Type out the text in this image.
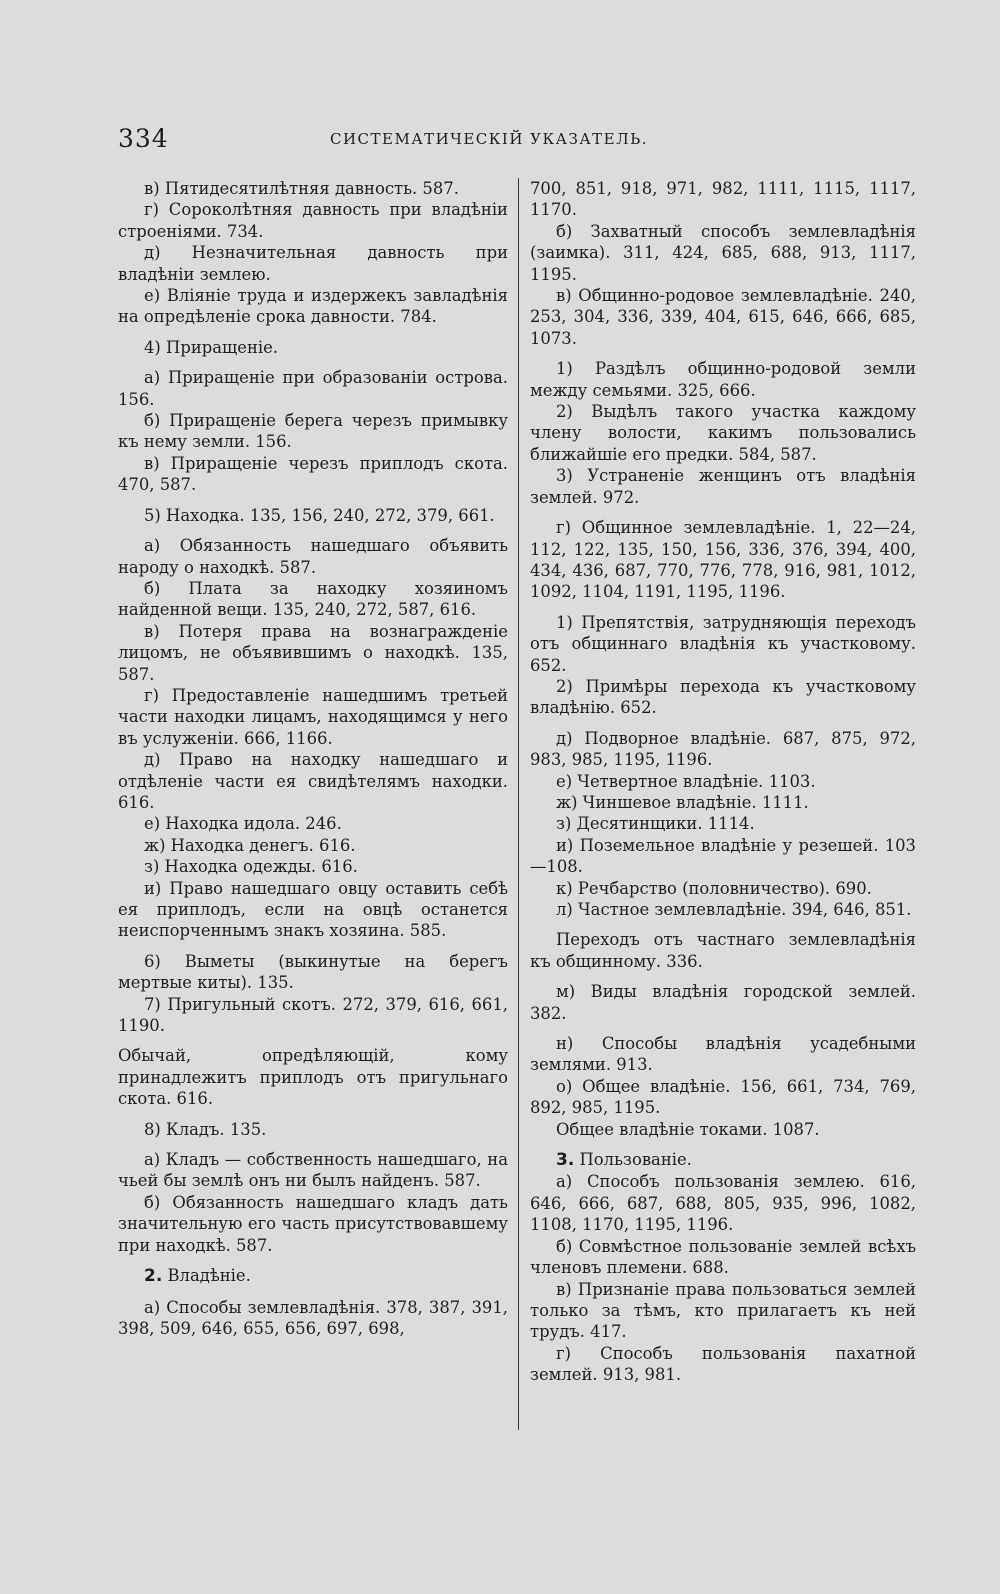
334	СИСТЕМАТИЧЕСКІЙ УКАЗАТЕЛЬ.

в) Пятидесятилѣтняя давность. 587.

г) Сороколѣтняя давность при владѣніи строеніями. 734.

д) Незначительная давность при владѣніи землею.

е) Вліяніе труда и издержекъ завладѣнія на опредѣленіе срока давности. 784.

4) Приращеніе.

а) Приращеніе при образованіи острова. 156.

б) Приращеніе берега черезъ примывку къ нему земли. 156.

в) Приращеніе черезъ приплодъ скота. 470, 587.

5) Находка. 135, 156, 240, 272, 379, 661.

а) Обязанность нашедшаго объявить народу о находкѣ. 587.

б) Плата за находку хозяиномъ найденной вещи. 135, 240, 272, 587, 616.

в) Потеря права на вознагражденіе лицомъ, не объявившимъ о находкѣ. 135, 587.

г) Предоставленіе нашедшимъ третьей части находки лицамъ, находящимся у него въ услуженіи. 666, 1166.

д) Право на находку нашедшаго и отдѣленіе части ея свидѣтелямъ находки. 616.

е) Находка идола. 246.

ж) Находка денегъ. 616.

з) Находка одежды. 616.

и) Право нашедшаго овцу оставить себѣ ея приплодъ, если на овцѣ останется неиспорченнымъ знакъ хозяина. 585.

6) Выметы (выкинутые на берегъ мертвые киты). 135.

7) Пригульный скотъ. 272, 379, 616, 661, 1190.

Обычай, опредѣляющій, кому принадлежитъ приплодъ отъ пригульнаго скота. 616.

8) Кладъ. 135.

а) Кладъ — собственность нашедшаго, на чьей бы землѣ онъ ни былъ найденъ. 587.

б) Обязанность нашедшаго кладъ дать значительную его часть присутствовавшему при находкѣ. 587.

2. Владѣніе.

а) Способы землевладѣнія. 378, 387, 391, 398, 509, 646, 655, 656, 697, 698,

700, 851, 918, 971, 982, 1111, 1115, 1117, 1170.

б) Захватный способъ землевладѣнія (заимка). 311, 424, 685, 688, 913, 1117, 1195.

в) Общинно-родовое землевладѣніе. 240, 253, 304, 336, 339, 404, 615, 646, 666, 685, 1073.

1) Раздѣлъ общинно-родовой земли между семьями. 325, 666.

2) Выдѣлъ такого участка каждому члену волости, какимъ пользовались ближайшіе его предки. 584, 587.

3) Устраненіе женщинъ отъ владѣнія землей. 972.

г) Общинное землевладѣніе. 1, 22—24, 112, 122, 135, 150, 156, 336, 376, 394, 400, 434, 436, 687, 770, 776, 778, 916, 981, 1012, 1092, 1104, 1191, 1195, 1196.

1) Препятствія, затрудняющія переходъ отъ общиннаго владѣнія къ участковому. 652.

2) Примѣры перехода къ участковому владѣнію. 652.

д) Подворное владѣніе. 687, 875, 972, 983, 985, 1195, 1196.

е) Четвертное владѣніе. 1103.

ж) Чиншевое владѣніе. 1111.

з) Десятинщики. 1114.

и) Поземельное владѣніе у резешей. 103—108.

к) Речбарство (половничество). 690.

л) Частное землевладѣніе. 394, 646, 851.

Переходъ отъ частнаго землевладѣнія къ общинному. 336.

м) Виды владѣнія городской землей. 382.

н) Способы владѣнія усадебными землями. 913.

о) Общее владѣніе. 156, 661, 734, 769, 892, 985, 1195.

Общее владѣніе токами. 1087.

3. Пользованіе.

а) Способъ пользованія землею. 616, 646, 666, 687, 688, 805, 935, 996, 1082, 1108, 1170, 1195, 1196.

б) Совмѣстное пользованіе землей всѣхъ членовъ племени. 688.

в) Признаніе права пользоваться землей только за тѣмъ, кто прилагаетъ къ ней трудъ. 417.

г) Способъ пользованія пахатной землей. 913, 981.
